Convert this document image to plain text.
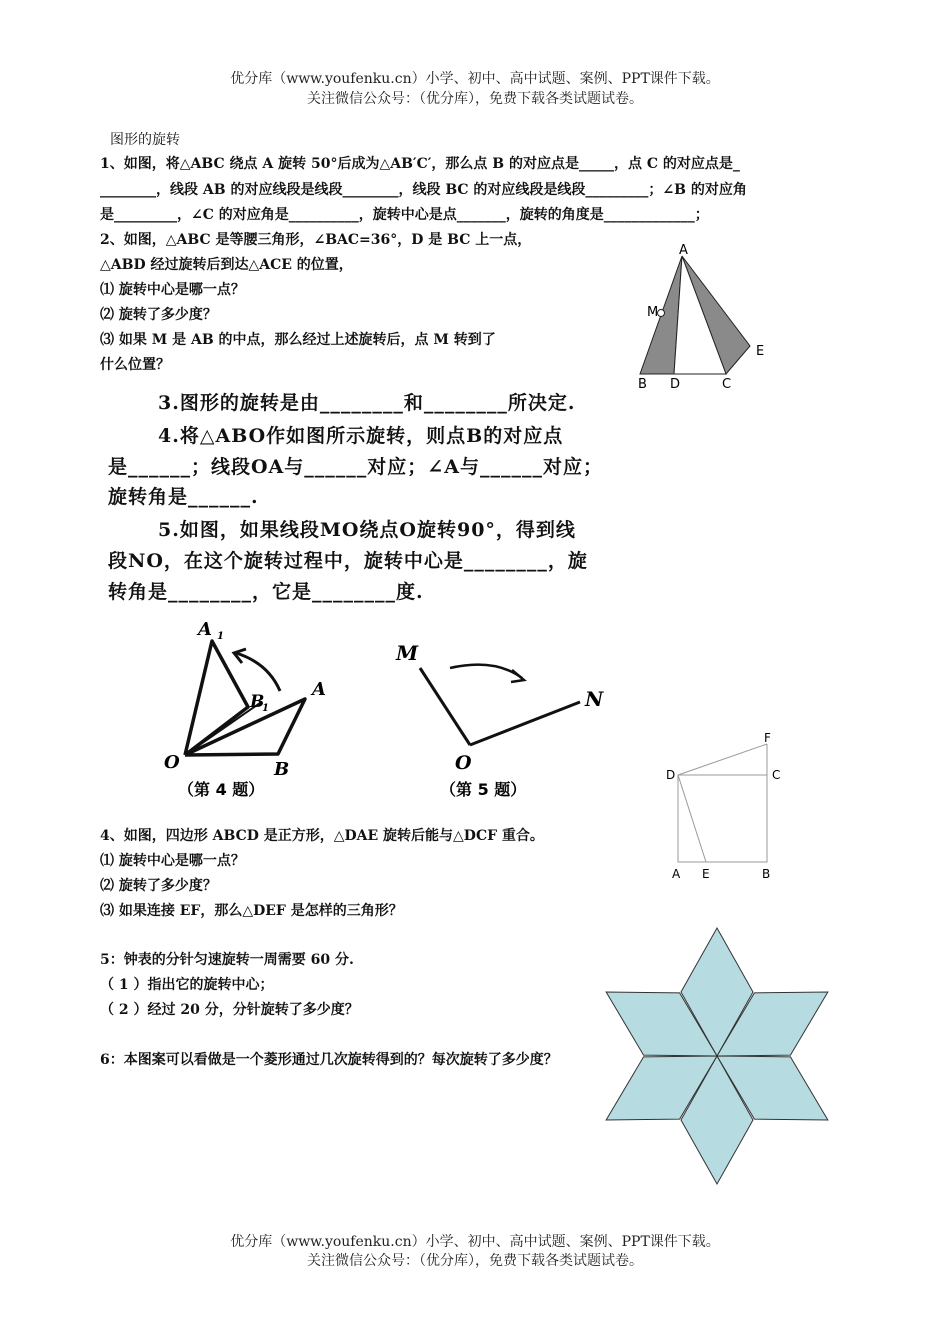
优分库（www.youfenku.cn）小学、初中、高中试题、案例、PPT课件下载。
关注微信公众号：（优分库），免费下载各类试题试卷。
图形的旋转
1、如图，将△ABC 绕点 A 旋转 50°后成为△AB′C′，那么点 B 的对应点是_____，点 C 的对应点是_
________，线段 AB 的对应线段是线段________，线段 BC 的对应线段是线段_________；∠B 的对应角
是_________，∠C 的对应角是__________，旋转中心是点_______，旋转的角度是_____________；
2、如图，△ABC 是等腰三角形，∠BAC=36°，D 是 BC 上一点，
△ABD 经过旋转后到达△ACE 的位置，
⑴ 旋转中心是哪一点？
⑵ 旋转了多少度？
⑶ 如果 M 是 AB 的中点，那么经过上述旋转后，点 M 转到了
什么位置？
A
M
E
B D	C
3.图形的旋转是由________和________所决定.
4.将△ABO作如图所示旋转，则点B的对应点
是______；线段OA与______对应；∠A与______对应；
旋转角是______.
5.如图，如果线段MO绕点O旋转90°，得到线
段NO，在这个旋转过程中，旋转中心是________，旋
转角是________，它是________度.
A 1
B
1
A
O	B
（第 4 题）
M
N
O
（第 5 题）
4、如图，四边形 ABCD 是正方形，△DAE 旋转后能与△DCF 重合。
⑴ 旋转中心是哪一点？
⑵ 旋转了多少度？
⑶ 如果连接 EF，那么△DEF 是怎样的三角形？
F
D	C
A E	B
5：钟表的分针匀速旋转一周需要 60 分.
（ 1 ）指出它的旋转中心；
（ 2 ）经过 20 分，分针旋转了多少度？
6：本图案可以看做是一个菱形通过几次旋转得到的？每次旋转了多少度？
优分库（www.youfenku.cn）小学、初中、高中试题、案例、PPT课件下载。
关注微信公众号：（优分库），免费下载各类试题试卷。
